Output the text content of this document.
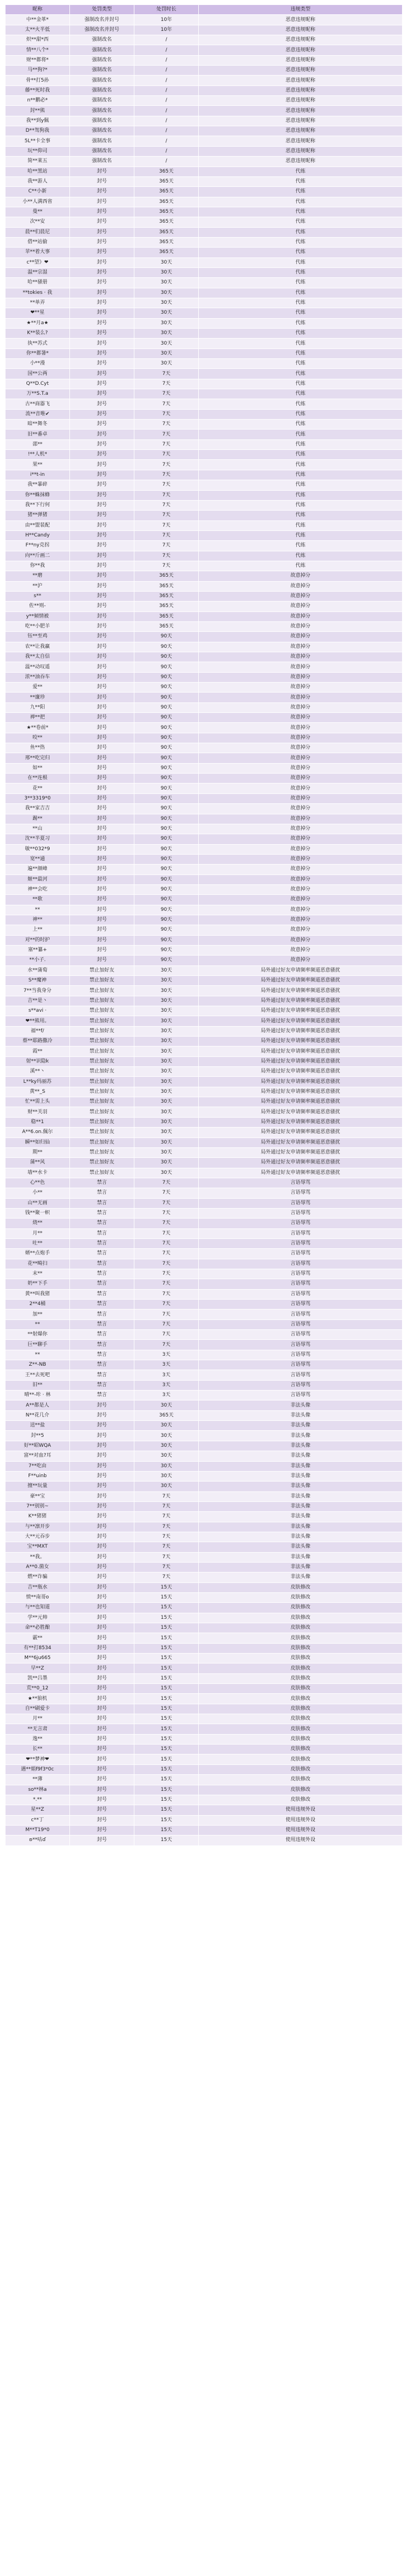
昵称	处罚类型	处罚时长	违规类型
中**金革*	强制改名并封号	10年	恶意违规昵称
太**火半低	强制改名并封号	10年	恶意违规昵称
炽**甜*西	强制改名	/	恶意违规昵称
情**八个*	强制改名	/	恶意违规昵称
财**都将*	强制改名	/	恶意违规昵称
马**狗?*	强制改名	/	恶意违规昵称
骨**打5孙	强制改名	/	恶意违规昵称
藤**死时我	强制改名	/	恶意违规昵称
n**鹏必*	强制改名	/	恶意违规昵称
封**熊	强制改名	/	恶意违规昵称
我**到y佩	强制改名	/	恶意违规昵称
D**驾狗我	强制改名	/	恶意违规昵称
5L**卡全事	强制改名	/	恶意违规昵称
玩**仰司	强制改名	/	恶意违规昵称
简**莱五	强制改名	/	恶意违规昵称
哈**黑站	封号	365天	代练
我**游人	封号	365天	代练
C**小新	封号	365天	代练
小**人满西省	封号	365天	代练
曼**	封号	365天	代练
次**安	封号	365天	代练
晨**们晨尼	封号	365天	代练
借**站偷	封号	365天	代练
苹**着大事	封号	365天	代练
c**望》❤	封号	30天	代练
温**宗湿	封号	30天	代练
哈**骚册	封号	30天	代练
**tokies · 我	封号	30天	代练
**单弄	封号	30天	代练
❤**星	封号	30天	代练
★**月a★	封号	30天	代练
K**装么?	封号	30天	代练
执**苏式	封号	30天	代练
你**都暑*	封号	30天	代练
小**漫	封号	30天	代练
国**公两	封号	7天	代练
Q**D.Cyt	封号	7天	代练
万**S.T.a	封号	7天	代练
古**商器飞	封号	7天	代练
流**音唯✔	封号	7天	代练
暗**舞冬	封号	7天	代练
旧**番卓	封号	7天	代练
邵**	封号	7天	代练
!**人机*	封号	7天	代练
果**	封号	7天	代练
i**t-in	封号	7天	代练
我**暴碎	封号	7天	代练
你**蛛抹蜂	封号	7天	代练
我**下行何	封号	7天	代练
猪**弹猪	封号	7天	代练
由**盟装配	封号	7天	代练
H**Candy	封号	7天	代练
F**ny克拐	封号	7天	代练
向**斤画二	封号	7天	代练
你**我	封号	7天	代练
**磨	封号	365天	故意掉分
**沪	封号	365天	故意掉分
s**	封号	365天	故意掉分
佐**则-	封号	365天	故意掉分
y**倾情被	封号	365天	故意掉分
吃**小肥羊	封号	365天	故意掉分
钰**至鸡	封号	90天	故意掉分
农**让我赢	封号	90天	故意掉分
我**太自信	封号	90天	故意掉分
温**动叹遥	封号	90天	故意掉分
浓**油吞车	封号	90天	故意掉分
爱**	封号	90天	故意掉分
**廉珍	封号	90天	故意掉分
九**阳	封号	90天	故意掉分
禅**把	封号	90天	故意掉分
★**卷前*	封号	90天	故意掉分
咬**	封号	90天	故意掉分
鱼**热	封号	90天	故意掉分
邢**吃完归	封号	90天	故意掉分
如**	封号	90天	故意掉分
在**连根	封号	90天	故意掉分
花**	封号	90天	故意掉分
3**3319*0	封号	90天	故意掉分
我**家吉吉	封号	90天	故意掉分
踢**	封号	90天	故意掉分
**山	封号	90天	故意掉分
沈**半夏习	封号	90天	故意掉分
敏**032*9	封号	90天	故意掉分
宽**通	封号	90天	故意掉分
遍**颜峰	封号	90天	故意掉分
姬**最河	封号	90天	故意掉分
神**会吃	封号	90天	故意掉分
**歌	封号	90天	故意掉分
**	封号	90天	故意掉分
神**	封号	90天	故意掉分
上**	封号	90天	故意掉分
对**的时护	封号	90天	故意掉分
塞**纂+	封号	90天	故意掉分
**小子.	封号	90天	故意掉分
水**蒲萄	禁止加好友	30天	局外通过好友申请频率频道恶意骚扰
S**魔神	禁止加好友	30天	局外通过好友申请频率频道恶意骚扰
7**当我身分	禁止加好友	30天	局外通过好友申请频率频道恶意骚扰
吉**是丶	禁止加好友	30天	局外通过好友申请频率频道恶意骚扰
s**avi ·	禁止加好友	30天	局外通过好友申请频率频道恶意骚扰
❤**熊用。	禁止加好友	30天	局外通过好友申请频率频道恶意骚扰
福**f/	禁止加好友	30天	局外通过好友申请频率频道恶意骚扰
蔡**耶路撒冷	禁止加好友	30天	局外通过好友申请频率频道恶意骚扰
霞**	禁止加好友	30天	局外通过好友申请频率频道恶意骚扰
射**识隐k	禁止加好友	30天	局外通过好友申请频率频道恶意骚扰
溪**丶	禁止加好友	30天	局外通过好友申请频率频道恶意骚扰
L**ky玛丽苏	禁止加好友	30天	局外通过好友申请频率频道恶意骚扰
黄**_S	禁止加好友	30天	局外通过好友申请频率频道恶意骚扰
忙**需上头	禁止加好友	30天	局外通过好友申请频率频道恶意骚扰
财**关羽	禁止加好友	30天	局外通过好友申请频率频道恶意骚扰
稳**1	禁止加好友	30天	局外通过好友申请频率频道恶意骚扰
A**6.on.佩尔	禁止加好友	30天	局外通过好友申请频率频道恶意骚扰
瞬**如归仙	禁止加好友	30天	局外通过好友申请频率频道恶意骚扰
期**	禁止加好友	30天	局外通过好友申请频率频道恶意骚扰
蒲**风	禁止加好友	30天	局外通过好友申请频率频道恶意骚扰
墙**水卡	禁止加好友	30天	局外通过好友申请频率频道恶意骚扰
心**色	禁言	7天	言语辱骂
小**	禁言	7天	言语辱骂
山**无画	禁言	7天	言语辱骂
钱**聚一帜	禁言	7天	言语辱骂
烧**	禁言	7天	言语辱骂
月**	禁言	7天	言语辱骂
吐**	禁言	7天	言语辱骂
婿**点炮手	禁言	7天	言语辱骂
花**畸扫	禁言	7天	言语辱骂
末**	禁言	7天	言语辱骂
奶**下手	禁言	7天	言语辱骂
黄**叫我猪	禁言	7天	言语辱骂
2**4桶	禁言	7天	言语辱骂
加**	禁言	7天	言语辱骂
**	禁言	7天	言语辱骂
**射爆你	禁言	7天	言语辱骂
巨**聊手	禁言	7天	言语辱骂
**	禁言	3天	言语辱骂
Z**-NB	禁言	3天	言语辱骂
王**去死吧	禁言	3天	言语辱骂
旧**	禁言	3天	言语辱骂
晴**-咔 · 林	禁言	3天	言语辱骂
A**都是人	封号	30天	非法头像
N**花几介	封号	365天	非法头像
送**盐	封号	30天	非法头像
封**5	封号	30天	非法头像
好**昭WQA	封号	30天	非法头像
富**对血?耳	封号	30天	非法头像
7**吃由	封号	30天	非法头像
F**uinb	封号	30天	非法头像
擅**玩量	封号	30天	非法头像
豪**宝	封号	7天	非法头像
7**别别~	封号	7天	非法头像
K**猪猪	封号	7天	非法头像
与**凛开步	封号	7天	非法头像
大**元吞步	封号	7天	非法头像
宝**MXT	封号	7天	非法头像
**我。	封号	7天	非法头像
A**0.菌女	封号	7天	非法头像
燃**诈骗	封号	7天	非法头像
吉**瓶水	封号	15天	皮肤修改
愤**南哥o	封号	15天	皮肤修改
与**也知道	封号	15天	皮肤修改
学**元帅	封号	15天	皮肤修改
命**必胜酿	封号	15天	皮肤修改
霰**	封号	15天	皮肤修改
有**打8534	封号	15天	皮肤修改
M**6ju665	封号	15天	皮肤修改
早**Z	封号	15天	皮肤修改
凯**吕墨	封号	15天	皮肤修改
荒**0_12	封号	15天	皮肤修改
★**狼机	封号	15天	皮肤修改
自**刷爱卡	封号	15天	皮肤修改
月**	封号	15天	皮肤修改
**无言肃	封号	15天	皮肤修改
逸**	封号	15天	皮肤修改
长**	封号	15天	皮肤修改
❤**梦神❤	封号	15天	皮肤修改
遇**娟f9f3*0c	封号	15天	皮肤修改
**薄	封号	15天	皮肤修改
so**林a	封号	15天	皮肤修改
*.**	封号	15天	皮肤修改
星**Z	封号	15天	使用违规外设
c**丁	封号	15天	使用违规外设
M**T19*0	封号	15天	使用违规外设
ʚ**咕ɗ	封号	15天	使用违规外设
